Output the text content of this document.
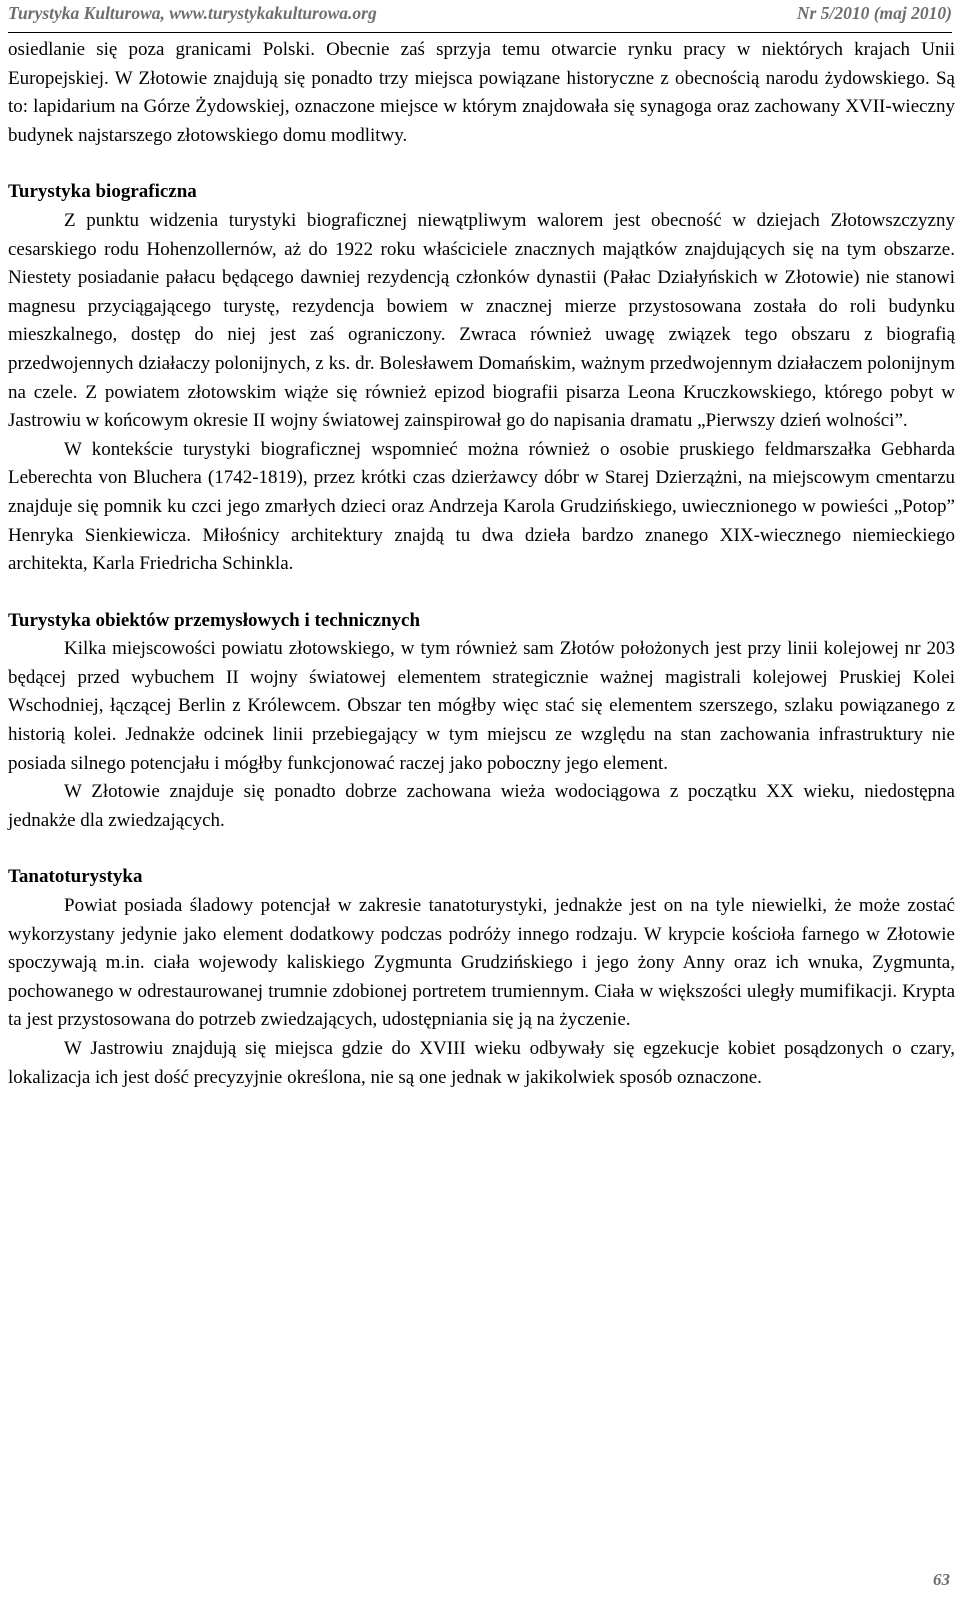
Turystyka Kulturowa, www.turystykakulturowa.org	Nr 5/2010 (maj 2010)

osiedlanie się poza granicami Polski. Obecnie zaś sprzyja temu otwarcie rynku pracy w niektórych krajach Unii Europejskiej. W Złotowie znajdują się ponadto trzy miejsca powiązane historyczne z obecnością narodu żydowskiego. Są to: lapidarium na Górze Żydowskiej, oznaczone miejsce w którym znajdowała się synagoga oraz zachowany XVII-wieczny budynek najstarszego złotowskiego domu modlitwy.

Turystyka biograficzna

Z punktu widzenia turystyki biograficznej niewątpliwym walorem jest obecność w dziejach Złotowszczyzny cesarskiego rodu Hohenzollernów, aż do 1922 roku właściciele znacznych majątków znajdujących się na tym obszarze. Niestety posiadanie pałacu będącego dawniej rezydencją członków dynastii (Pałac Działyńskich w Złotowie) nie stanowi magnesu przyciągającego turystę, rezydencja bowiem w znacznej mierze przystosowana została do roli budynku mieszkalnego, dostęp do niej jest zaś ograniczony. Zwraca również uwagę związek tego obszaru z biografią przedwojennych działaczy polonijnych, z ks. dr. Bolesławem Domańskim, ważnym przedwojennym działaczem polonijnym na czele. Z powiatem złotowskim wiąże się również epizod biografii pisarza Leona Kruczkowskiego, którego pobyt w Jastrowiu w końcowym okresie II wojny światowej zainspirował go do napisania dramatu „Pierwszy dzień wolności”.

W kontekście turystyki biograficznej wspomnieć można również o osobie pruskiego feldmarszałka Gebharda Leberechta von Bluchera (1742-1819), przez krótki czas dzierżawcy dóbr w Starej Dzierzążni, na miejscowym cmentarzu znajduje się pomnik ku czci jego zmarłych dzieci oraz Andrzeja Karola Grudzińskiego, uwiecznionego w powieści „Potop” Henryka Sienkiewicza. Miłośnicy architektury znajdą tu dwa dzieła bardzo znanego XIX-wiecznego niemieckiego architekta, Karla Friedricha Schinkla.

Turystyka obiektów przemysłowych i technicznych

Kilka miejscowości powiatu złotowskiego, w tym również sam Złotów położonych jest przy linii kolejowej nr 203 będącej przed wybuchem II wojny światowej elementem strategicznie ważnej magistrali kolejowej Pruskiej Kolei Wschodniej, łączącej Berlin z Królewcem. Obszar ten mógłby więc stać się elementem szerszego, szlaku powiązanego z historią kolei. Jednakże odcinek linii przebiegający w tym miejscu ze względu na stan zachowania infrastruktury nie posiada silnego potencjału i mógłby funkcjonować raczej jako poboczny jego element.

W Złotowie znajduje się ponadto dobrze zachowana wieża wodociągowa z początku XX wieku, niedostępna jednakże dla zwiedzających.

Tanatoturystyka

Powiat posiada śladowy potencjał w zakresie tanatoturystyki, jednakże jest on na tyle niewielki, że może zostać wykorzystany jedynie jako element dodatkowy podczas podróży innego rodzaju. W krypcie kościoła farnego w Złotowie spoczywają m.in. ciała wojewody kaliskiego Zygmunta Grudzińskiego i jego żony Anny oraz ich wnuka, Zygmunta, pochowanego w odrestaurowanej trumnie zdobionej portretem trumiennym. Ciała w większości uległy mumifikacji. Krypta ta jest przystosowana do potrzeb zwiedzających, udostępniania się ją na życzenie.

W Jastrowiu znajdują się miejsca gdzie do XVIII wieku odbywały się egzekucje kobiet posądzonych o czary, lokalizacja ich jest dość precyzyjnie określona, nie są one jednak w jakikolwiek sposób oznaczone.

63
